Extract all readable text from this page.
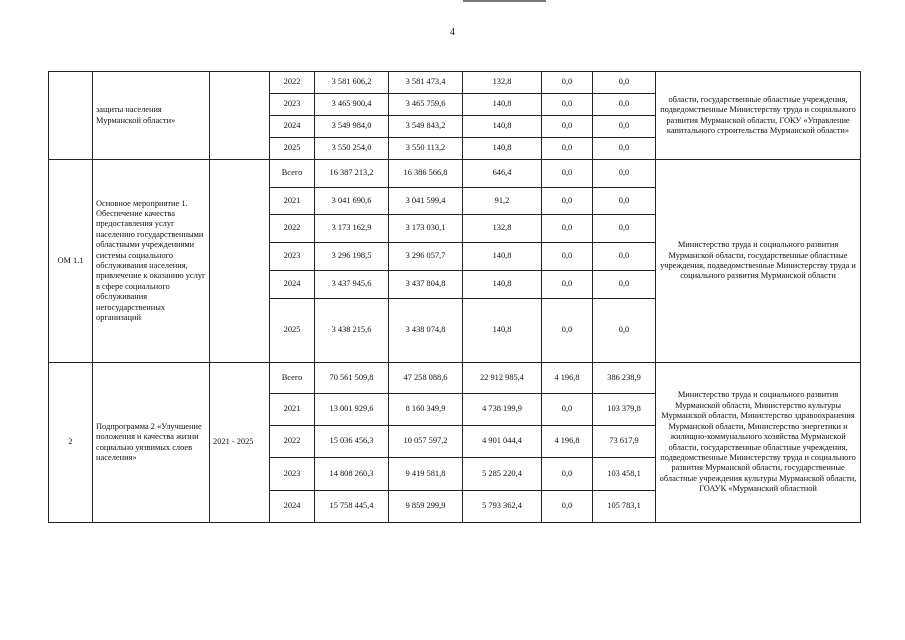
4
	защиты населения Мурманской области»		2022	3 581 606,2	3 581 473,4	132,8	0,0	0,0	области, государственные областные учреждения, подведомственные Министерству труда и социального развития Мурманской области, ГОКУ «Управление капитального строительства Мурманской области»
			2023	3 465 900,4	3 465 759,6	140,8	0,0	0,0	
			2024	3 549 984,0	3 549 843,2	140,8	0,0	0,0	
			2025	3 550 254,0	3 550 113,2	140,8	0,0	0,0	
ОМ 1.1	Основное мероприятие 1. Обеспечение качества предоставления услуг населению государственными областными учреждениями системы социального обслуживания населения, привлечение к оказанию услуг в сфере социального обслуживания негосударственных организаций		Всего	16 387 213,2	16 386 566,8	646,4	0,0	0,0	Министерство труда и социального развития Мурманской области, государственные областные учреждения, подведомственные Министерству труда и социального развития Мурманской области
			2021	3 041 690,6	3 041 599,4	91,2	0,0	0,0	
			2022	3 173 162,9	3 173 030,1	132,8	0,0	0,0	
			2023	3 296 198,5	3 296 057,7	140,8	0,0	0,0	
			2024	3 437 945,6	3 437 804,8	140,8	0,0	0,0	
			2025	3 438 215,6	3 438 074,8	140,8	0,0	0,0	
2	Подпрограмма 2 «Улучшение положения и качества жизни социально уязвимых слоев населения»	2021 - 2025	Всего	70 561 509,8	47 258 088,6	22 912 985,4	4 196,8	386 238,9	Министерство труда и социального развития Мурманской области, Министерство культуры Мурманской области, Министерство здравоохранения Мурманской области, Министерство энергетики и жилищно-коммунального хозяйства Мурманской области, государственные областные учреждения, подведомственные Министерству труда и социального развития Мурманской области, государственные областные учреждения культуры Мурманской области, ГОАУК «Мурманский областной
			2021	13 001 929,6	8 160 349,9	4 738 199,9	0,0	103 379,8	
			2022	15 036 456,3	10 057 597,2	4 901 044,4	4 196,8	73 617,9	
			2023	14 808 260,3	9 419 581,8	5 285 220,4	0,0	103 458,1	
			2024	15 758 445,4	9 859 299,9	5 793 362,4	0,0	105 783,1	
